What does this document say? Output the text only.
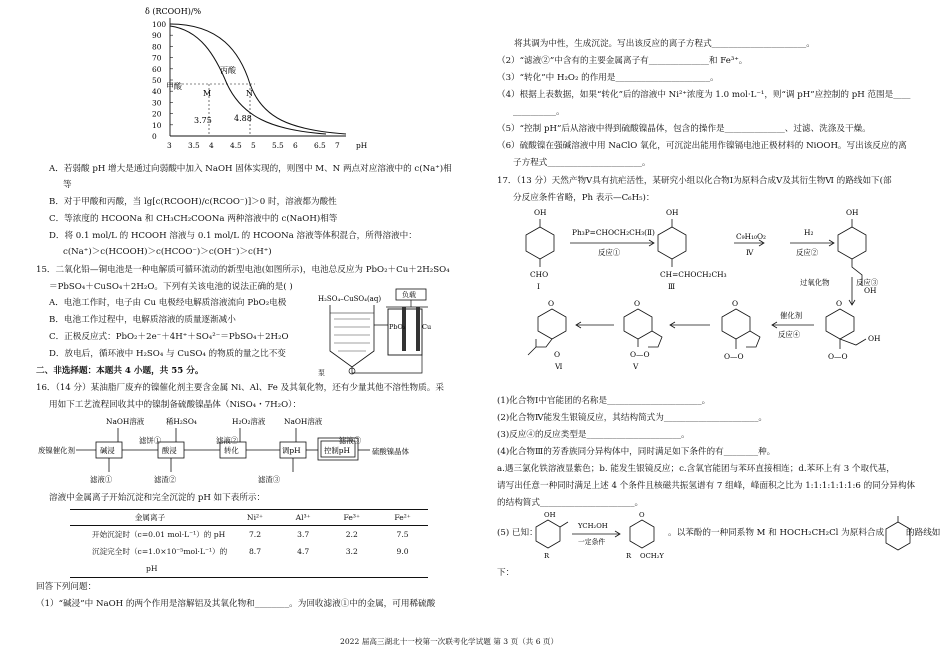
δ (RCOOH)/%
100
90
80
70
60
50
40
30
20
10
0
3 3.5 4 4.5 5 5.5 6 6.5 7 pH
甲酸
丙酸
M	N
3.75	4.88
A．若弱酸 pH 增大是通过向弱酸中加入 NaOH 固体实现的，则图中 M、N 两点对应溶液中的 c(Na⁺)相
等
B．对于甲酸和丙酸，当 lg[c(RCOOH)/c(RCOO⁻)]＞0 时，溶液都为酸性
C．等浓度的 HCOONa 和 CH₃CH₂COONa 两种溶液中的 c(NaOH)相等
D．将 0.1 mol/L 的 HCOOH 溶液与 0.1 mol/L 的 HCOONa 溶液等体积混合，所得溶液中：
c(Na⁺)＞c(HCOOH)＞c(HCOO⁻)＞c(OH⁻)＞c(H⁺)
15．二氧化铅—铜电池是一种电解质可循环流动的新型电池(如图所示)，电池总反应为 PbO₂＋Cu＋2H₂SO₄
＝PbSO₄＋CuSO₄＋2H₂O。下列有关该电池的说法正确的是( )
A．电池工作时，电子由 Cu 电极经电解质溶液流向 PbO₂电极
B．电池工作过程中，电解质溶液的质量逐渐减小
C．正极反应式：PbO₂＋2e⁻＋4H⁺＋SO₄²⁻＝PbSO₄＋2H₂O
D．放电后，循环液中 H₂SO₄ 与 CuSO₄ 的物质的量之比不变
H₂SO₄–CuSO₄(aq)	负载
PbO₂	Cu
泵
二、非选择题：本题共 4 小题，共 55 分。
16．（14 分）某油脂厂废弃的镍催化剂主要含金属 Ni、Al、Fe 及其氧化物，还有少量其他不溶性物质。采
用如下工艺流程回收其中的镍制备硫酸镍晶体（NiSO₄・7H₂O）：
废镍催化剂
NaOH溶液	稀H₂SO₄	H₂O₂溶液	NaOH溶液
滤饼①	滤液②	滤液③
滤液①	滤渣②	滤渣③
硫酸镍晶体
碱浸	酸浸	转化	调pH	控制pH
溶液中金属离子开始沉淀和完全沉淀的 pH 如下表所示：
金属离子	Ni²⁺	Al³⁺	Fe³⁺	Fe²⁺
开始沉淀时（c=0.01 mol·L⁻¹）的 pH	7.2	3.7	2.2	7.5
沉淀完全时（c=1.0×10⁻⁵mol·L⁻¹）的	8.7	4.7	3.2	9.0
pH				
回答下列问题：
（1）“碱浸”中 NaOH 的两个作用是溶解铝及其氧化物和________。为回收滤液①中的金属，可用稀硫酸
将其调为中性，生成沉淀。写出该反应的离子方程式______________________。
（2）“滤液②”中含有的主要金属离子有______________和 Fe³⁺。
（3）“转化”中 H₂O₂ 的作用是______________________。
（4）根据上表数据，如果“转化”后的溶液中 Ni²⁺浓度为 1.0 mol·L⁻¹，则“调 pH”应控制的 pH 范围是____
__________。
（5）“控制 pH”后从溶液中得到硫酸镍晶体，包含的操作是______________、过滤、洗涤及干燥。
（6）硫酸镍在强碱溶液中用 NaClO 氧化，可沉淀出能用作镍镉电池正极材料的 NiOOH。写出该反应的离
子方程式______________________。
17．（13 分）天然产物Ⅴ具有抗疟活性，某研究小组以化合物Ⅰ为原料合成Ⅴ及其衍生物Ⅵ 的路线如下(部
分反应条件省略，Ph 表示—C₆H₅)：
OH
CHO
Ⅰ
Ph₃P=CHOCH₂CH₃(Ⅱ)
反应①
OH
CH=CHOCH₂CH₃
Ⅲ
C₉H₁₀O₂
Ⅳ
H₂
反应②
OH
OH
过氧化物	反应③
O
O—O
OH
催化剂
反应④
O
O—O
O
O—O
Ⅴ
O
O
Ⅵ
(1)化合物Ⅰ中官能团的名称是______________________。
(2)化合物Ⅳ能发生银镜反应，其结构简式为______________________。
(3)反应④的反应类型是______________________。
(4)化合物Ⅲ的芳香族同分异构体中，同时满足如下条件的有________种。
a.遇三氯化铁溶液显紫色；b. 能发生银镜反应；c.含氧官能团与苯环直接相连；d.苯环上有 3 个取代基，
请写出任意一种同时满足上述 4 个条件且核磁共振氢谱有 7 组峰，峰面积之比为 1:1:1:1:1:1:6 的同分异构体
的结构简式______________________。
(5) 已知：
OH
R
YCH₂OH
一定条件
O
R OCH₂Y
。以苯酚的一种同系物 M 和 HOCH₂CH₂Cl 为原料合成	的路线如
下：
2022 届高三湖北十一校第一次联考化学试题 第 3 页（共 6 页）
